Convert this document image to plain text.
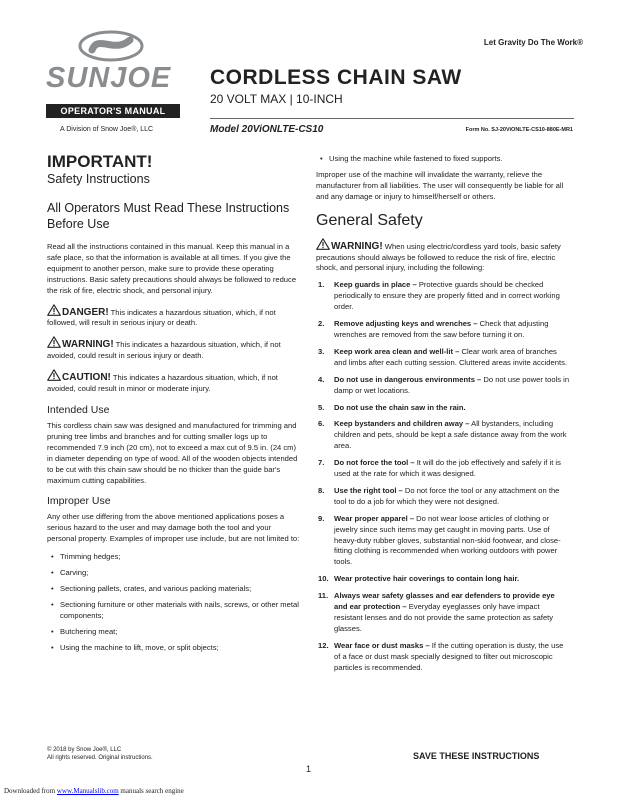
Let Gravity Do The Work®
SUNJOE
OPERATOR'S MANUAL
A Division of Snow Joe®, LLC
CORDLESS CHAIN SAW
20 VOLT MAX | 10-INCH
Model 20ViONLTE-CS10	Form No. SJ-20ViONLTE-CS10-880E-MR1
IMPORTANT!
Safety Instructions
All Operators Must Read These Instructions Before Use

Read all the instructions contained in this manual. Keep this manual in a safe place, so that the information is available at all times. If you give the equipment to another person, make sure to provide these operating instructions. Basic safety precautions should always be followed to reduce the risk of fire, electric shock, and personal injury.

DANGER! This indicates a hazardous situation, which, if not followed, will result in serious injury or death.

WARNING! This indicates a hazardous situation, which, if not avoided, could result in serious injury or death.

CAUTION! This indicates a hazardous situation, which, if not avoided, could result in minor or moderate injury.

Intended Use

This cordless chain saw was designed and manufactured for trimming and pruning tree limbs and branches and for cutting smaller logs up to recommended 7.9 inch (20 cm), not to exceed a max cut of 9.5 in. (24 cm) in diameter depending on type of wood. All of the wooden objects intended to be cut with this chain saw should be no thicker than the guide bar's maximum cutting capabilities.

Improper Use

Any other use differing from the above mentioned applications poses a serious hazard to the user and may damage both the tool and your personal property. Examples of improper use include, but are not limited to:

• Trimming hedges;
• Carving;
• Sectioning pallets, crates, and various packing materials;
• Sectioning furniture or other materials with nails, screws, or other metal components;
• Butchering meat;
• Using the machine to lift, move, or split objects;
• Using the machine while fastened to fixed supports.

Improper use of the machine will invalidate the warranty, relieve the manufacturer from all liabilities. The user will consequently be liable for all and any damage or injury to himself/herself or others.

General Safety

WARNING! When using electric/cordless yard tools, basic safety precautions should always be followed to reduce the risk of fire, electric shock, and personal injury, including the following:

1. Keep guards in place – Protective guards should be checked periodically to ensure they are properly fitted and in correct working order.
2. Remove adjusting keys and wrenches – Check that adjusting wrenches are removed from the saw before turning it on.
3. Keep work area clean and well-lit – Clear work area of branches and limbs after each cutting session. Cluttered areas invite accidents.
4. Do not use in dangerous environments – Do not use power tools in damp or wet locations.
5. Do not use the chain saw in the rain.
6. Keep bystanders and children away – All bystanders, including children and pets, should be kept a safe distance away from the work area.
7. Do not force the tool – It will do the job effectively and safely if it is used at the rate for which it was designed.
8. Use the right tool – Do not force the tool or any attachment on the tool to do a job for which they were not designed.
9. Wear proper apparel – Do not wear loose articles of clothing or jewelry since such items may get caught in moving parts. Use of heavy-duty rubber gloves, substantial non-skid footwear, and close-fitting clothing is recommended when working outdoors with power tools.
10. Wear protective hair coverings to contain long hair.
11. Always wear safety glasses and ear defenders to provide eye and ear protection – Everyday eyeglasses only have impact resistant lenses and do not provide the same protection as safety glasses.
12. Wear face or dust masks – If the cutting operation is dusty, the use of a face or dust mask specially designed to filter out microscopic particles is recommended.
© 2018 by Snow Joe®, LLC
All rights reserved. Original instructions.	SAVE THESE INSTRUCTIONS
1
Downloaded from www.Manualslib.com manuals search engine
